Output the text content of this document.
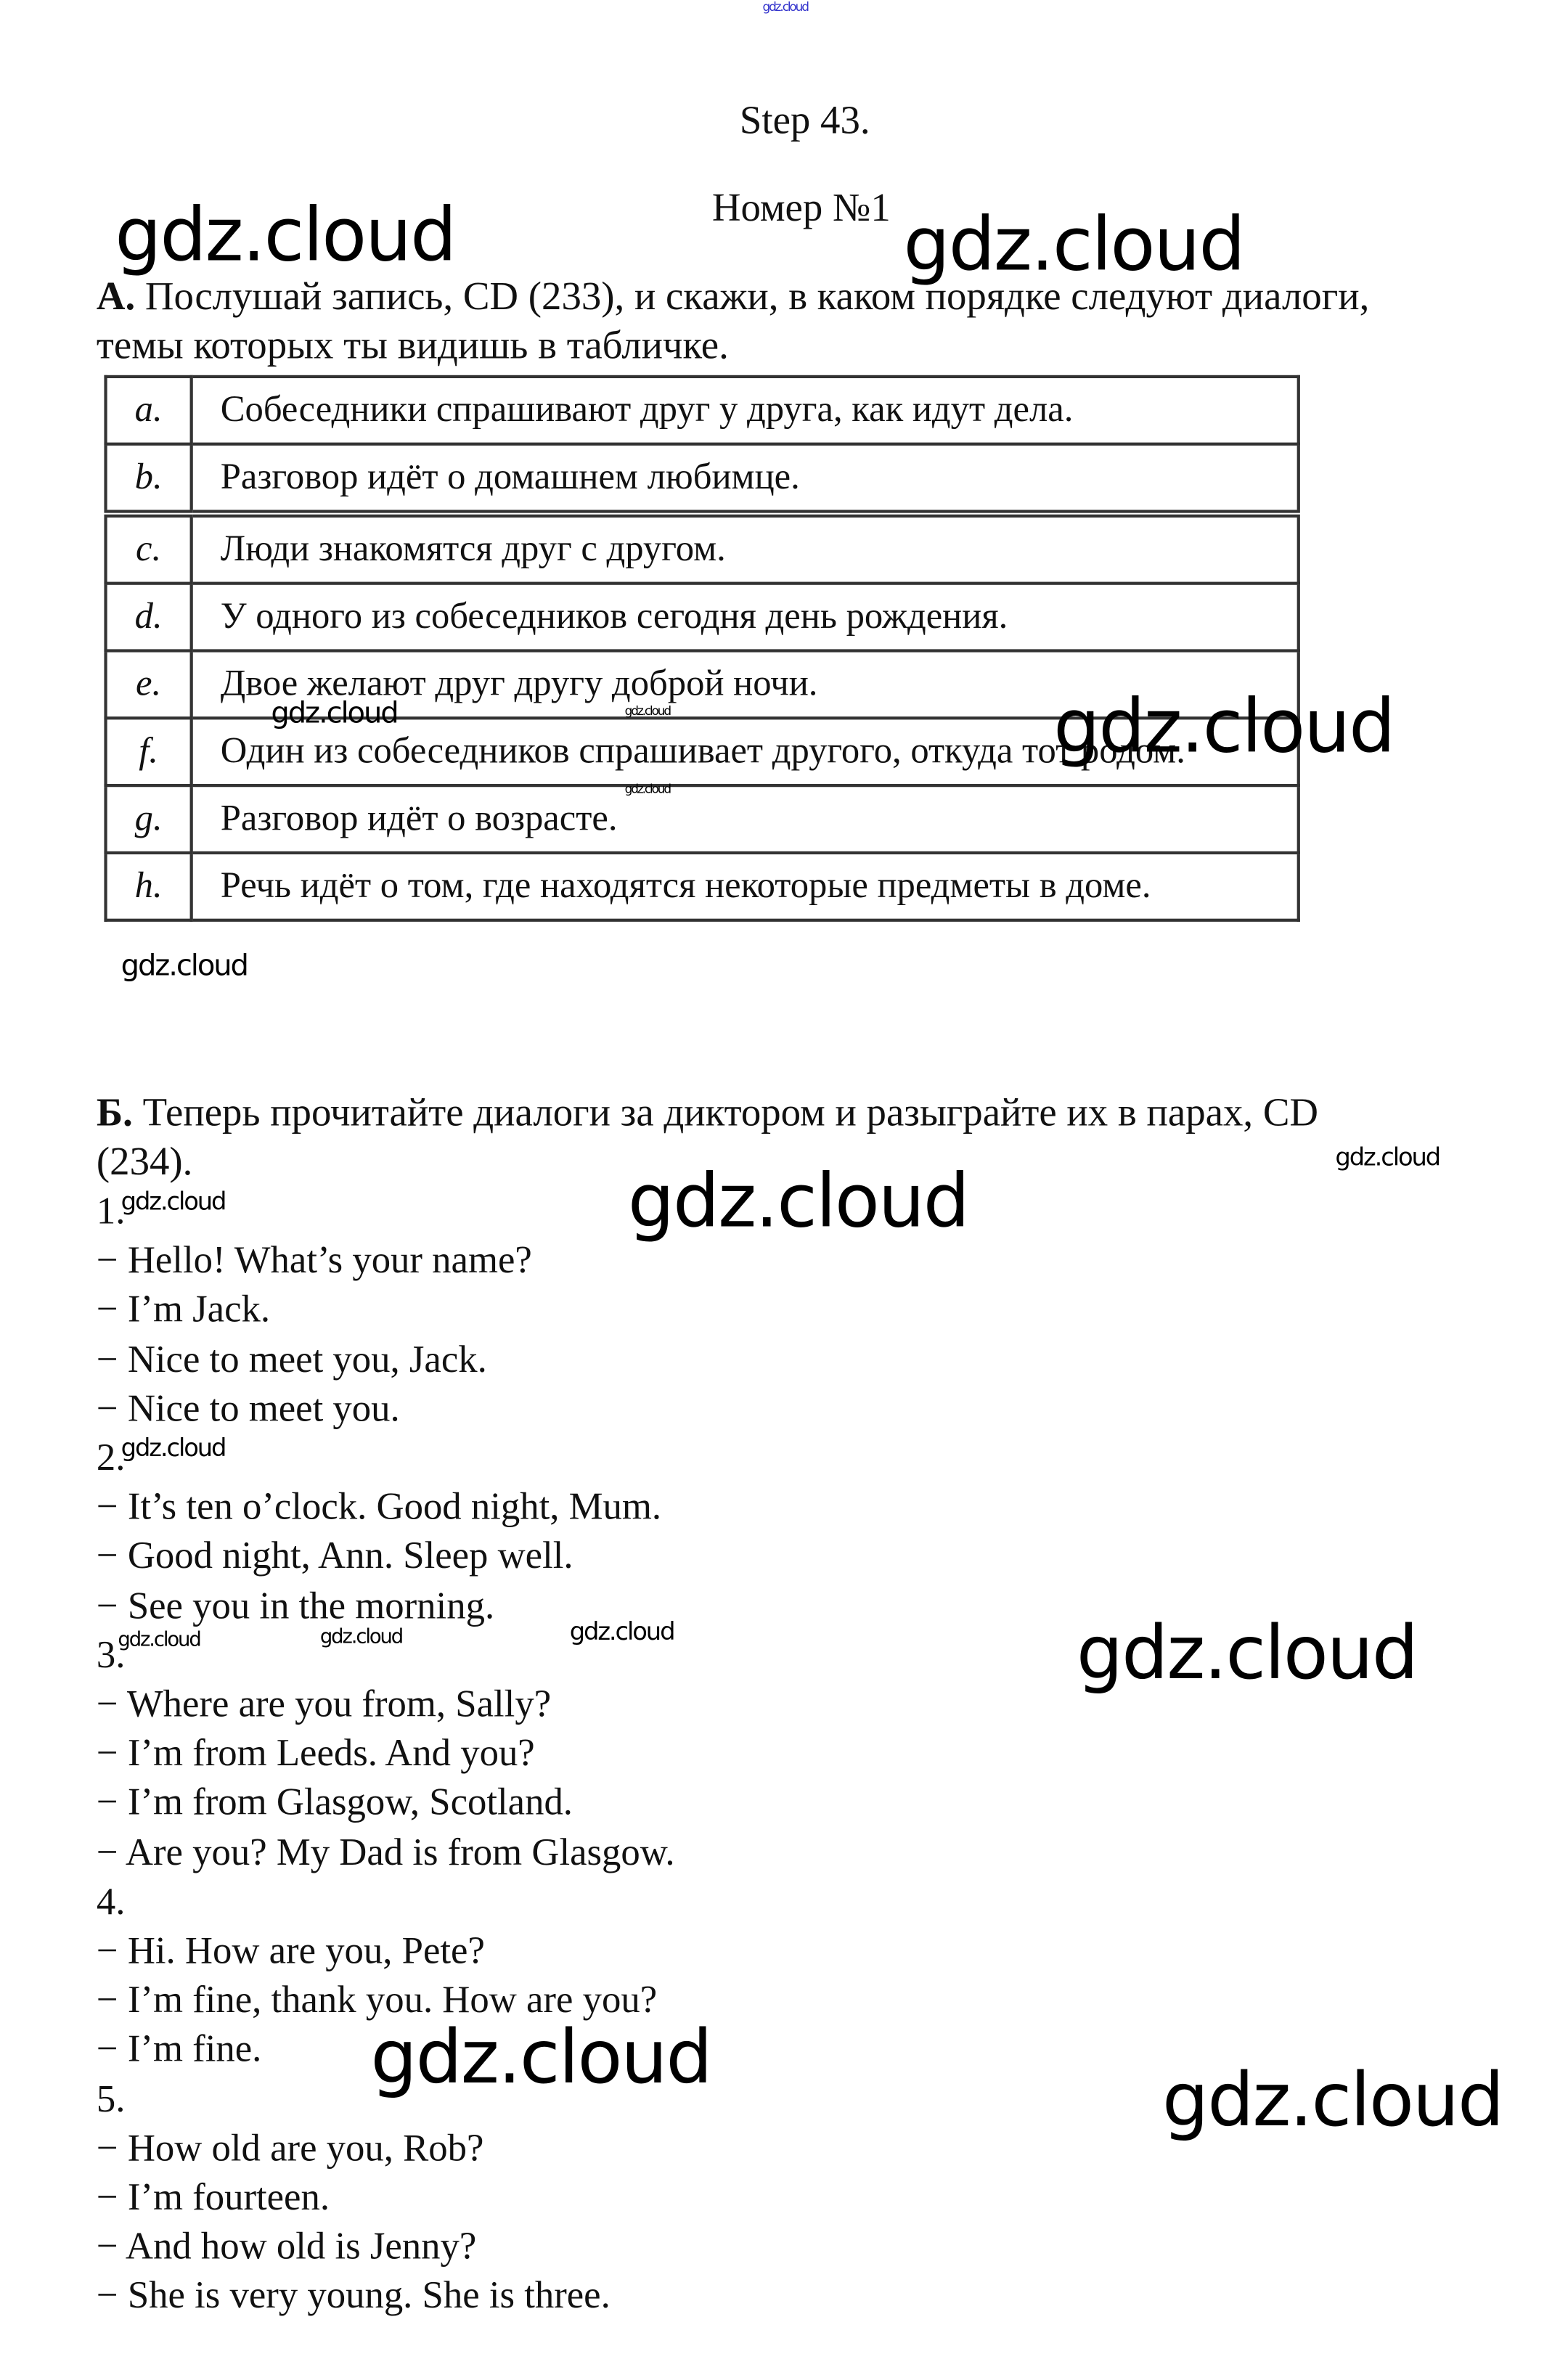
Step 43.
Номер №1
А. Послушай запись, CD (233), и скажи, в каком порядке следуют диалоги,
темы которых ты видишь в табличке.
a.	Собеседники спрашивают друг у друга, как идут дела.
b.	Разговор идёт о домашнем любимце.
c.	Люди знакомятся друг с другом.
d.	У одного из собеседников сегодня день рождения.
e.	Двое желают друг другу доброй ночи.
f.	Один из собеседников спрашивает другого, откуда тот родом.
g.	Разговор идёт о возрасте.
h.	Речь идёт о том, где находятся некоторые предметы в доме.
Б. Теперь прочитайте диалоги за диктором и разыграйте их в парах, CD
(234).
1.
− Hello! What’s your name?
− I’m Jack.
− Nice to meet you, Jack.
− Nice to meet you.
2.
− It’s ten o’clock. Good night, Mum.
− Good night, Ann. Sleep well.
− See you in the morning.
3.
− Where are you from, Sally?
− I’m from Leeds. And you?
− I’m from Glasgow, Scotland.
− Are you? My Dad is from Glasgow.
4.
− Hi. How are you, Pete?
− I’m fine, thank you. How are you?
− I’m fine.
5.
− How old are you, Rob?
− I’m fourteen.
− And how old is Jenny?
− She is very young. She is three.
gdz.cloud
gdz.cloud	gdz.cloud
gdz.cloud	gdz.cloud	gdz.cloud
gdz.cloud
gdz.cloud
gdz.cloud
gdz.cloud
gdz.cloud
gdz.cloud
gdz.cloud	gdz.cloud	gdz.cloud	gdz.cloud
gdz.cloud	gdz.cloud
